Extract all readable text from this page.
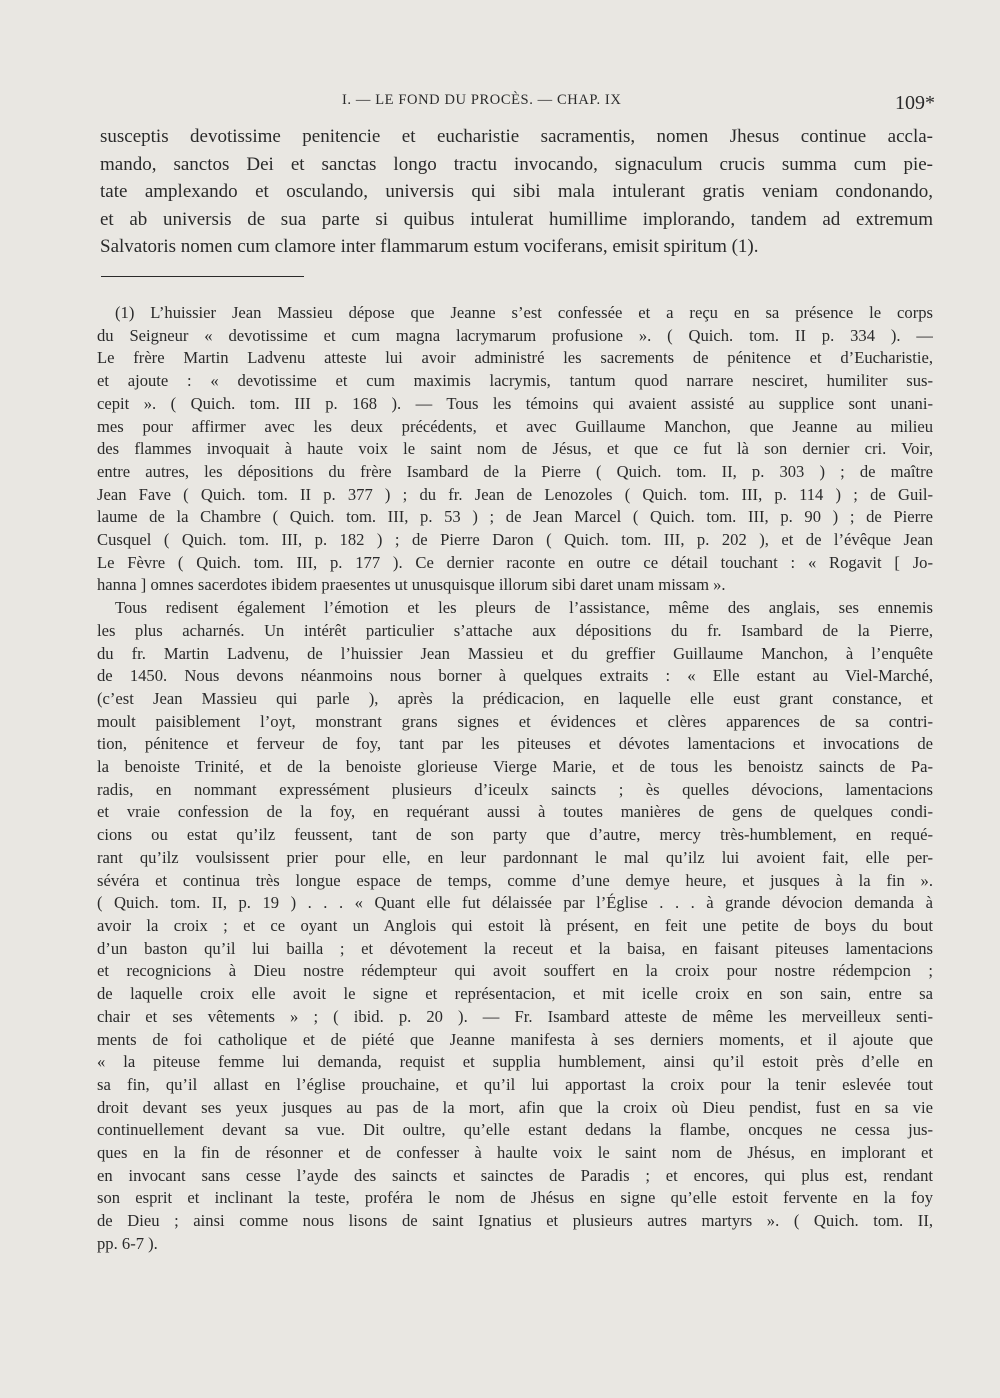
I. — LE FOND DU PROCÈS. — CHAP. IX	109*
susceptis devotissime penitencie et eucharistie sacramentis, nomen Jhesus continue accla-
mando, sanctos Dei et sanctas longo tractu invocando, signaculum crucis summa cum pie-
tate amplexando et osculando, universis qui sibi mala intulerant gratis veniam condonando,
et ab universis de sua parte si quibus intulerat humillime implorando, tandem ad extremum
Salvatoris nomen cum clamore inter flammarum estum vociferans, emisit spiritum (1).
(1) L’huissier Jean Massieu dépose que Jeanne s’est confessée et a reçu en sa présence le corps
du Seigneur « devotissime et cum magna lacrymarum profusione ». ( Quich. tom. II p. 334 ). —
Le frère Martin Ladvenu atteste lui avoir administré les sacrements de pénitence et d’Eucharistie,
et ajoute : « devotissime et cum maximis lacrymis, tantum quod narrare nesciret, humiliter sus-
cepit ». ( Quich. tom. III p. 168 ). — Tous les témoins qui avaient assisté au supplice sont unani-
mes pour affirmer avec les deux précédents, et avec Guillaume Manchon, que Jeanne au milieu
des flammes invoquait à haute voix le saint nom de Jésus, et que ce fut là son dernier cri. Voir,
entre autres, les dépositions du frère Isambard de la Pierre ( Quich. tom. II, p. 303 ) ; de maître
Jean Fave ( Quich. tom. II p. 377 ) ; du fr. Jean de Lenozoles ( Quich. tom. III, p. 114 ) ; de Guil-
laume de la Chambre ( Quich. tom. III, p. 53 ) ; de Jean Marcel ( Quich. tom. III, p. 90 ) ; de Pierre
Cusquel ( Quich. tom. III, p. 182 ) ; de Pierre Daron ( Quich. tom. III, p. 202 ), et de l’évêque Jean
Le Fèvre ( Quich. tom. III, p. 177 ). Ce dernier raconte en outre ce détail touchant : « Rogavit [ Jo-
hanna ] omnes sacerdotes ibidem praesentes ut unusquisque illorum sibi daret unam missam ».
Tous redisent également l’émotion et les pleurs de l’assistance, même des anglais, ses ennemis
les plus acharnés. Un intérêt particulier s’attache aux dépositions du fr. Isambard de la Pierre,
du fr. Martin Ladvenu, de l’huissier Jean Massieu et du greffier Guillaume Manchon, à l’enquête
de 1450. Nous devons néanmoins nous borner à quelques extraits : « Elle estant au Viel-Marché,
(c’est Jean Massieu qui parle ), après la prédicacion, en laquelle elle eust grant constance, et
moult paisiblement l’oyt, monstrant grans signes et évidences et clères apparences de sa contri-
tion, pénitence et ferveur de foy, tant par les piteuses et dévotes lamentacions et invocations de
la benoiste Trinité, et de la benoiste glorieuse Vierge Marie, et de tous les benoistz saincts de Pa-
radis, en nommant expressément plusieurs d’iceulx saincts ; ès quelles dévocions, lamentacions
et vraie confession de la foy, en requérant aussi à toutes manières de gens de quelques condi-
cions ou estat qu’ilz feussent, tant de son party que d’autre, mercy très-humblement, en requé-
rant qu’ilz voulsissent prier pour elle, en leur pardonnant le mal qu’ilz lui avoient fait, elle per-
sévéra et continua très longue espace de temps, comme d’une demye heure, et jusques à la fin ».
( Quich. tom. II, p. 19 ) . . . « Quant elle fut délaissée par l’Église . . . à grande dévocion demanda à
avoir la croix ; et ce oyant un Anglois qui estoit là présent, en feit une petite de boys du bout
d’un baston qu’il lui bailla ; et dévotement la receut et la baisa, en faisant piteuses lamentacions
et recognicions à Dieu nostre rédempteur qui avoit souffert en la croix pour nostre rédempcion ;
de laquelle croix elle avoit le signe et représentacion, et mit icelle croix en son sain, entre sa
chair et ses vêtements » ; ( ibid. p. 20 ). — Fr. Isambard atteste de même les merveilleux senti-
ments de foi catholique et de piété que Jeanne manifesta à ses derniers moments, et il ajoute que
« la piteuse femme lui demanda, requist et supplia humblement, ainsi qu’il estoit près d’elle en
sa fin, qu’il allast en l’église prouchaine, et qu’il lui apportast la croix pour la tenir eslevée tout
droit devant ses yeux jusques au pas de la mort, afin que la croix où Dieu pendist, fust en sa vie
continuellement devant sa vue. Dit oultre, qu’elle estant dedans la flambe, oncques ne cessa jus-
ques en la fin de résonner et de confesser à haulte voix le saint nom de Jhésus, en implorant et
en invocant sans cesse l’ayde des saincts et sainctes de Paradis ; et encores, qui plus est, rendant
son esprit et inclinant la teste, proféra le nom de Jhésus en signe qu’elle estoit fervente en la foy
de Dieu ; ainsi comme nous lisons de saint Ignatius et plusieurs autres martyrs ». ( Quich. tom. II,
pp. 6-7 ).
